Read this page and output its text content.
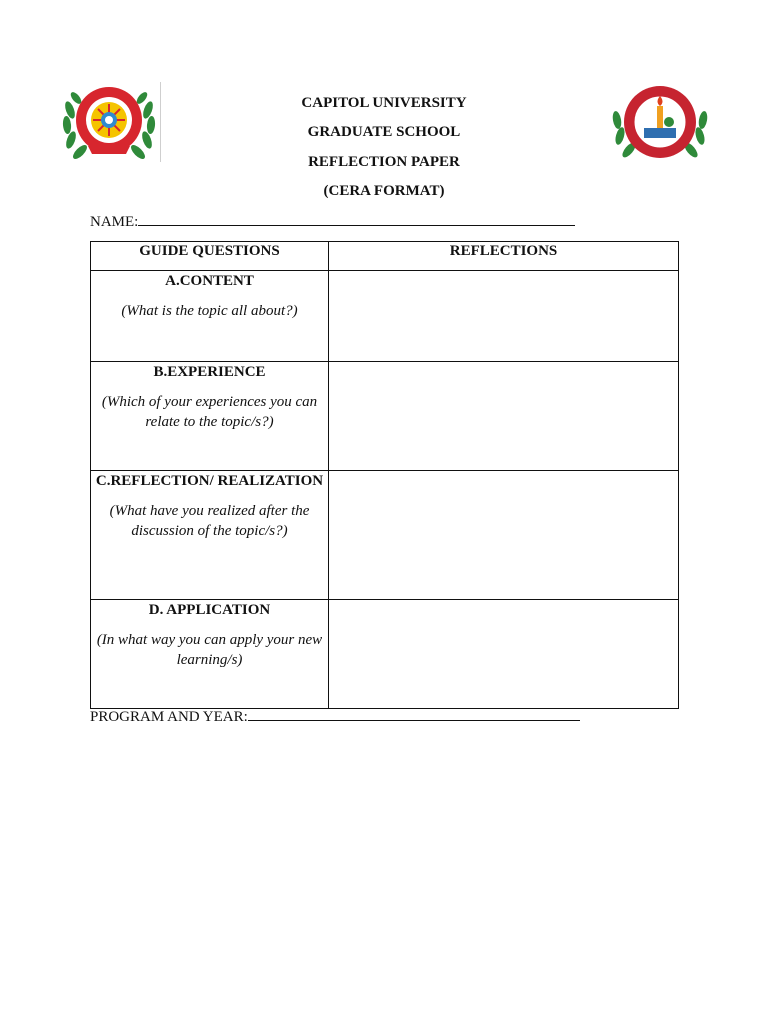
CAPITOL UNIVERSITY
GRADUATE SCHOOL
REFLECTION PAPER
(CERA FORMAT)
NAME:
GUIDE QUESTIONS	REFLECTIONS

A.CONTENT
(What is the topic all about?)	

B.EXPERIENCE
(Which of your experiences you can relate to the topic/s?)	

C.REFLECTION/ REALIZATION
(What have you realized after the discussion of the topic/s?)	

D. APPLICATION
(In what way you can apply your new learning/s)	

PROGRAM AND YEAR:
